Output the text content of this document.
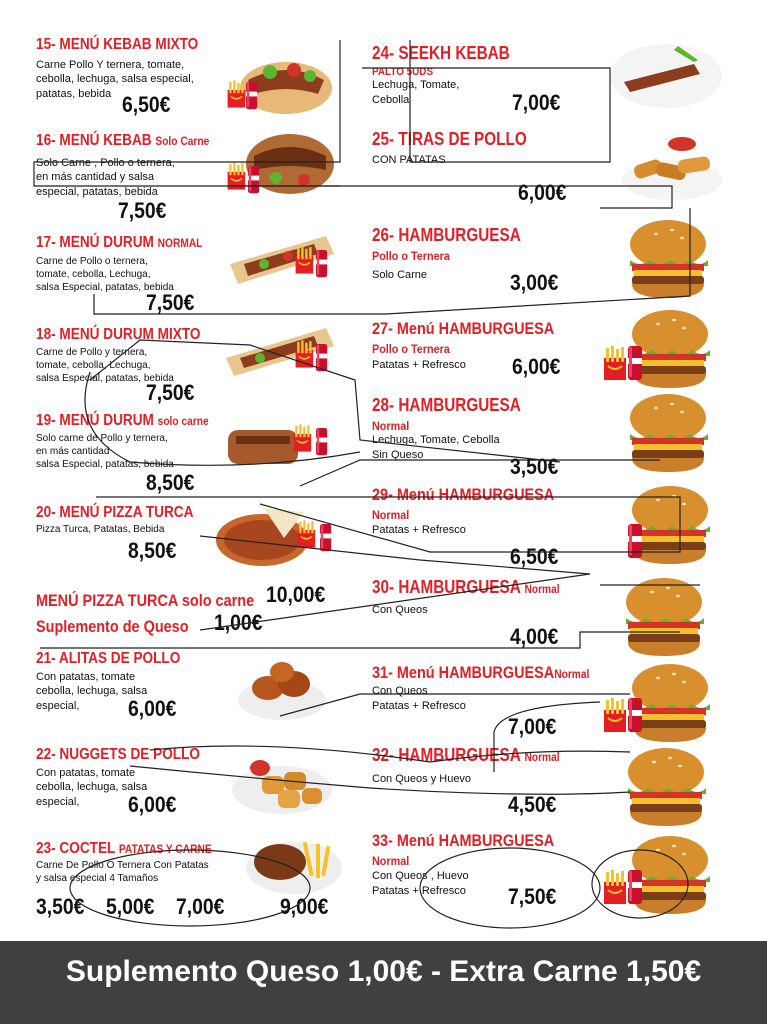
15- MENÚ KEBAB MIXTO
Carne Pollo Y ternera, tomate,
cebolla, lechuga, salsa especial,
patatas, bebida 6,50€
16- MENÚ KEBAB Solo Carne
Solo Carne , Pollo o ternera,
en más cantidad y salsa
especial, patatas, bebida
7,50€
17- MENÚ DURUM NORMAL
Carne de Pollo o ternera,
tomate, cebolla, Lechuga,
salsa Especial, patatas, bebida
7,50€
18- MENÚ DURUM MIXTO
Carne de Pollo y ternera,
tomate, cebolla, Lechuga,
salsa Especial, patatas, bebida
7,50€
19- MENÚ DURUM solo carne
Solo carne de Pollo y ternera,
en más cantidad
salsa Especial, patatas, bebida
8,50€
20- MENÚ PIZZA TURCA
Pizza Turca, Patatas, Bebida
8,50€
MENÚ PIZZA TURCA solo carne 10,00€
Suplemento de Queso 1,00€
21- ALITAS DE POLLO
Con patatas, tomate
cebolla, lechuga, salsa
especial,	6,00€
22- NUGGETS DE POLLO
Con patatas, tomate
cebolla, lechuga, salsa
especial,	6,00€
23- COCTEL PATATAS Y CARNE
Carne De Pollo O Ternera Con Patatas
y salsa especial 4 Tamaños
3,50€ 5,00€ 7,00€	9,00€
24- SEEKH KEBAB
PALTO 5UDS
Lechuga, Tomate,
Cebolla	7,00€
25- TIRAS DE POLLO
CON PATATAS
6,00€
26- HAMBURGUESA
Pollo o Ternera
Solo Carne	3,00€
27- Menú HAMBURGUESA
Pollo o Ternera
Patatas + Refresco	6,00€
28- HAMBURGUESA
Normal
Lechuga, Tomate, Cebolla
Sin Queso	3,50€
29- Menú HAMBURGUESA
Normal
Patatas + Refresco
6,50€
30- HAMBURGUESA Normal
Con Queos
4,00€
31- Menú HAMBURGUESANormal
Con Queos
Patatas + Refresco
7,00€
32- HAMBURGUESA Normal
Con Queos y Huevo
4,50€
33- Menú HAMBURGUESA
Normal
Con Queos , Huevo
Patatas + Refresco	7,50€
Suplemento Queso 1,00€ - Extra Carne 1,50€
